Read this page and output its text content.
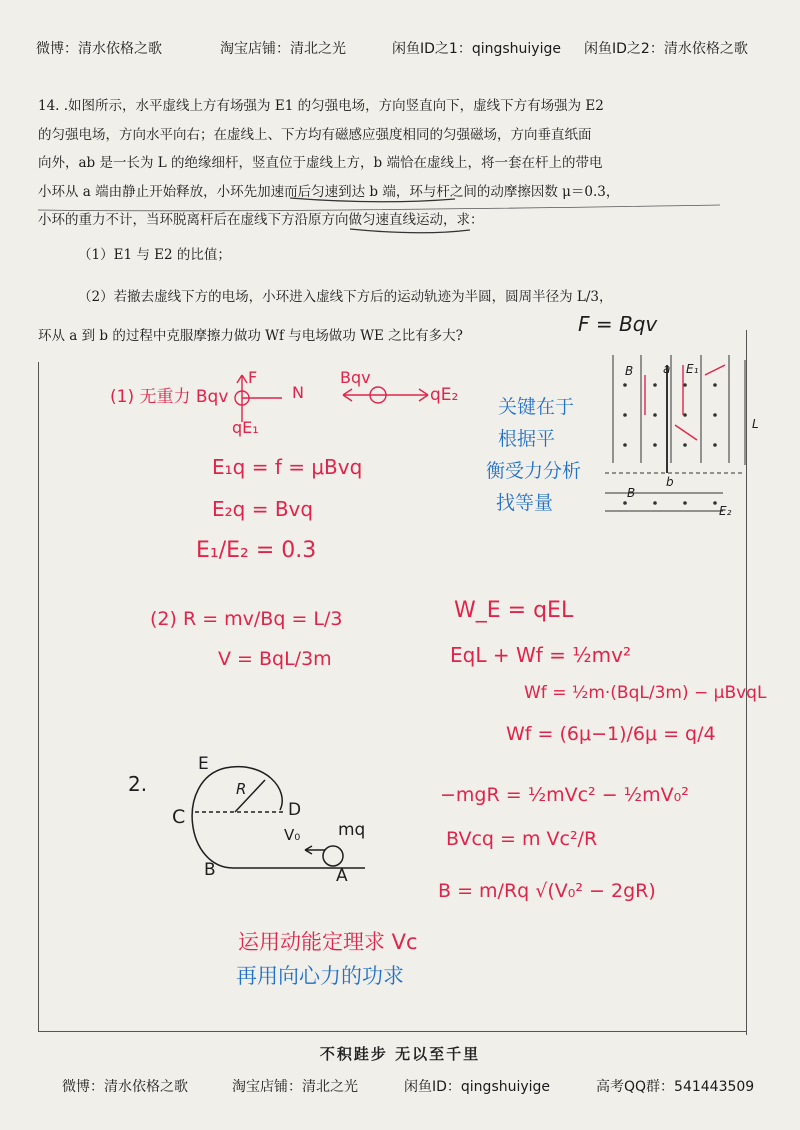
微博：清水依格之歌	淘宝店铺：清北之光	闲鱼ID之1：qingshuiyige 闲鱼ID之2：清水依格之歌

14. .如图所示，水平虚线上方有场强为 E1 的匀强电场，方向竖直向下，虚线下方有场强为 E2

的匀强电场，方向水平向右；在虚线上、下方均有磁感应强度相同的匀强磁场，方向垂直纸面

向外，ab 是一长为 L 的绝缘细杆，竖直位于虚线上方，b 端恰在虚线上，将一套在杆上的带电

小环从 a 端由静止开始释放，小环先加速而后匀速到达 b 端，环与杆之间的动摩擦因数 μ＝0.3，

小环的重力不计，当环脱离杆后在虚线下方沿原方向做匀速直线运动，求：

（1）E1 与 E2 的比值；

（2）若撤去虚线下方的电场，小环进入虚线下方后的运动轨迹为半圆，圆周半径为 L/3，

环从 a 到 b 的过程中克服摩擦力做功 Wf 与电场做功 WE 之比有多大?	F = Bqv
B a E₁
L
b
B
E₂
(1) 无重力 Bqv
F
N
qE₁
Bqv
qE₂
E₁q = f = μBvq
E₂q = Bvq
E₁/E₂ = 0.3
关键在于
根据平
衡受力分析
找等量
(2) R = mv/Bq = L/3
V = BqL/3m
W_E = qEL
EqL + Wf = ½mv²
Wf = ½m·(BqL/3m) − μBvqL
Wf = (6μ−1)/6μ = q/4
2.
E
R
C	D
V₀ mq
B	A
−mgR = ½mVc² − ½mV₀²
BVcq = m Vc²/R
B = m/Rq √(V₀² − 2gR)
运用动能定理求 Vc
再用向心力的功求
不积跬步 无以至千里
微博：清水依格之歌	淘宝店铺：清北之光	闲鱼ID：qingshuiyige	高考QQ群：541443509
